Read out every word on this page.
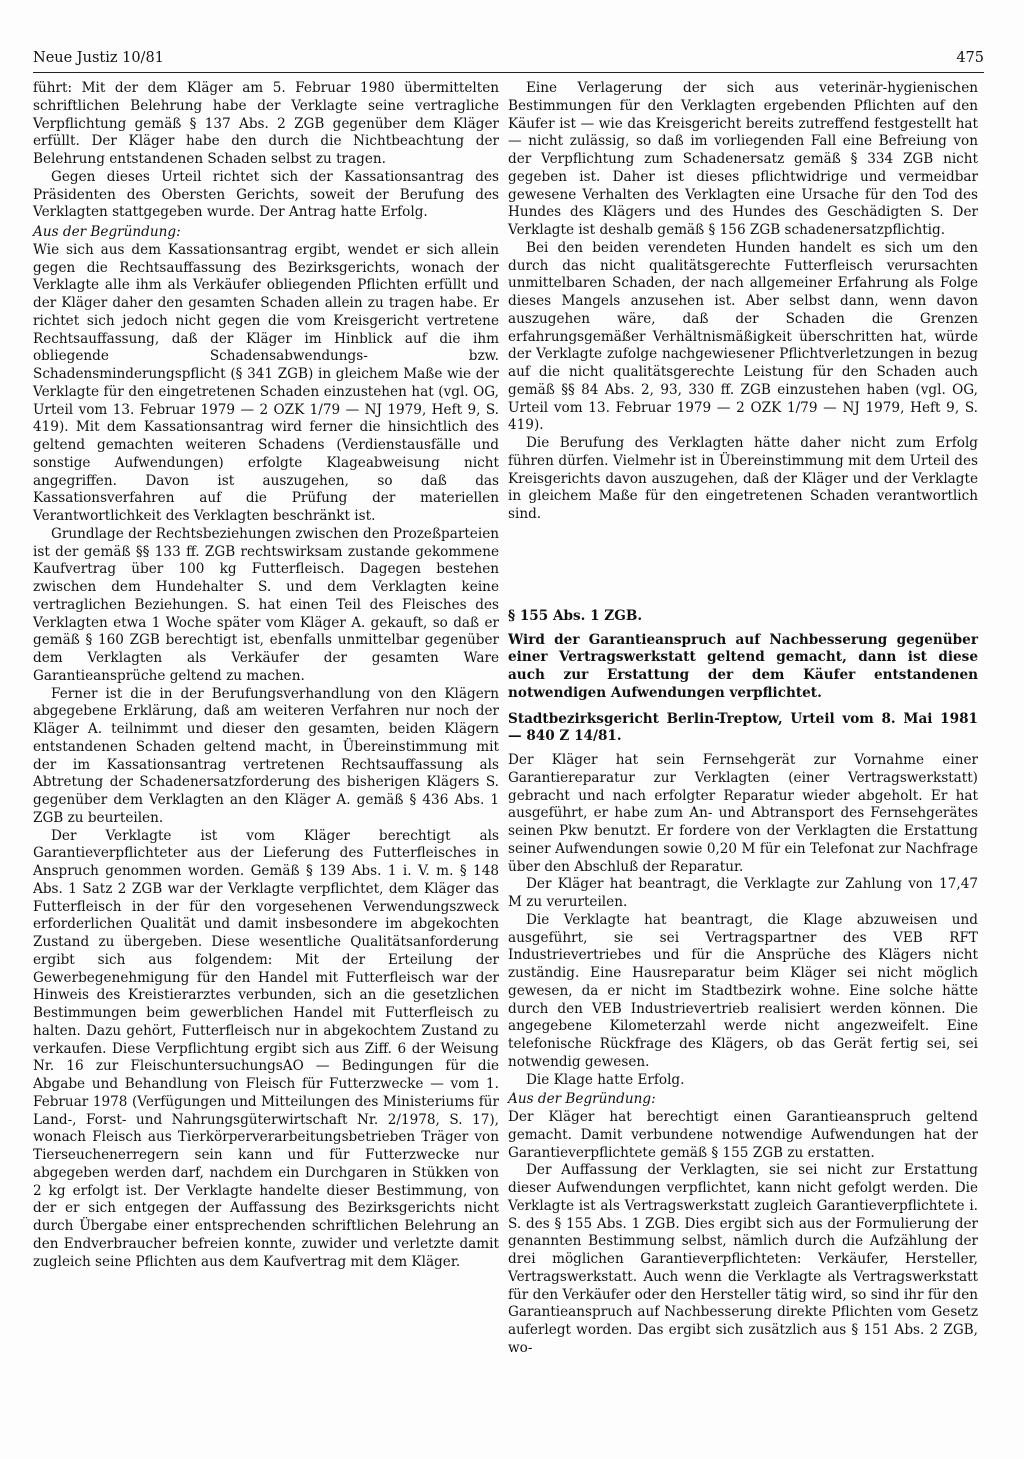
Neue Justiz 10/81	475

führt: Mit der dem Kläger am 5. Februar 1980 übermittelten schriftlichen Belehrung habe der Verklagte seine vertragliche Verpflichtung gemäß § 137 Abs. 2 ZGB gegenüber dem Kläger erfüllt. Der Kläger habe den durch die Nichtbeachtung der Belehrung entstandenen Schaden selbst zu tragen.

Gegen dieses Urteil richtet sich der Kassationsantrag des Präsidenten des Obersten Gerichts, soweit der Berufung des Verklagten stattgegeben wurde. Der Antrag hatte Erfolg.

Aus der Begründung:

Wie sich aus dem Kassationsantrag ergibt, wendet er sich allein gegen die Rechtsauffassung des Bezirksgerichts, wonach der Verklagte alle ihm als Verkäufer obliegenden Pflichten erfüllt und der Kläger daher den gesamten Schaden allein zu tragen habe. Er richtet sich jedoch nicht gegen die vom Kreisgericht vertretene Rechtsauffassung, daß der Kläger im Hinblick auf die ihm obliegende Schadensabwendungs- bzw. Schadensminderungspflicht (§ 341 ZGB) in gleichem Maße wie der Verklagte für den eingetretenen Schaden einzustehen hat (vgl. OG, Urteil vom 13. Februar 1979 — 2 OZK 1/79 — NJ 1979, Heft 9, S. 419). Mit dem Kassationsantrag wird ferner die hinsichtlich des geltend gemachten weiteren Schadens (Verdienstausfälle und sonstige Aufwendungen) erfolgte Klageabweisung nicht angegriffen. Davon ist auszugehen, so daß das Kassationsverfahren auf die Prüfung der materiellen Verantwortlichkeit des Verklagten beschränkt ist.

Grundlage der Rechtsbeziehungen zwischen den Prozeßparteien ist der gemäß §§ 133 ff. ZGB rechtswirksam zustande gekommene Kaufvertrag über 100 kg Futterfleisch. Dagegen bestehen zwischen dem Hundehalter S. und dem Verklagten keine vertraglichen Beziehungen. S. hat einen Teil des Fleisches des Verklagten etwa 1 Woche später vom Kläger A. gekauft, so daß er gemäß § 160 ZGB berechtigt ist, ebenfalls unmittelbar gegenüber dem Verklagten als Verkäufer der gesamten Ware Garantieansprüche geltend zu machen.

Ferner ist die in der Berufungsverhandlung von den Klägern abgegebene Erklärung, daß am weiteren Verfahren nur noch der Kläger A. teilnimmt und dieser den gesamten, beiden Klägern entstandenen Schaden geltend macht, in Übereinstimmung mit der im Kassationsantrag vertretenen Rechtsauffassung als Abtretung der Schadenersatzforderung des bisherigen Klägers S. gegenüber dem Verklagten an den Kläger A. gemäß § 436 Abs. 1 ZGB zu beurteilen.

Der Verklagte ist vom Kläger berechtigt als Garantieverpflichteter aus der Lieferung des Futterfleisches in Anspruch genommen worden. Gemäß § 139 Abs. 1 i. V. m. § 148 Abs. 1 Satz 2 ZGB war der Verklagte verpflichtet, dem Kläger das Futterfleisch in der für den vorgesehenen Verwendungszweck erforderlichen Qualität und damit insbesondere im abgekochten Zustand zu übergeben. Diese wesentliche Qualitätsanforderung ergibt sich aus folgendem: Mit der Erteilung der Gewerbegenehmigung für den Handel mit Futterfleisch war der Hinweis des Kreistierarztes verbunden, sich an die gesetzlichen Bestimmungen beim gewerblichen Handel mit Futterfleisch zu halten. Dazu gehört, Futterfleisch nur in abgekochtem Zustand zu verkaufen. Diese Verpflichtung ergibt sich aus Ziff. 6 der Weisung Nr. 16 zur FleischuntersuchungsAO — Bedingungen für die Abgabe und Behandlung von Fleisch für Futterzwecke — vom 1. Februar 1978 (Verfügungen und Mitteilungen des Ministeriums für Land-, Forst- und Nahrungsgüterwirtschaft Nr. 2/1978, S. 17), wonach Fleisch aus Tierkörperverarbeitungsbetrieben Träger von Tierseuchenerregern sein kann und für Futterzwecke nur abgegeben werden darf, nachdem ein Durchgaren in Stükken von 2 kg erfolgt ist. Der Verklagte handelte dieser Bestimmung, von der er sich entgegen der Auffassung des Bezirksgerichts nicht durch Übergabe einer entsprechenden schriftlichen Belehrung an den Endverbraucher befreien konnte, zuwider und verletzte damit zugleich seine Pflichten aus dem Kaufvertrag mit dem Kläger.

Eine Verlagerung der sich aus veterinär-hygienischen Bestimmungen für den Verklagten ergebenden Pflichten auf den Käufer ist — wie das Kreisgericht bereits zutreffend festgestellt hat — nicht zulässig, so daß im vorliegenden Fall eine Befreiung von der Verpflichtung zum Schadenersatz gemäß § 334 ZGB nicht gegeben ist. Daher ist dieses pflichtwidrige und vermeidbar gewesene Verhalten des Verklagten eine Ursache für den Tod des Hundes des Klägers und des Hundes des Geschädigten S. Der Verklagte ist deshalb gemäß § 156 ZGB schadenersatzpflichtig.

Bei den beiden verendeten Hunden handelt es sich um den durch das nicht qualitätsgerechte Futterfleisch verursachten unmittelbaren Schaden, der nach allgemeiner Erfahrung als Folge dieses Mangels anzusehen ist. Aber selbst dann, wenn davon auszugehen wäre, daß der Schaden die Grenzen erfahrungsgemäßer Verhältnismäßigkeit überschritten hat, würde der Verklagte zufolge nachgewiesener Pflichtverletzungen in bezug auf die nicht qualitätsgerechte Leistung für den Schaden auch gemäß §§ 84 Abs. 2, 93, 330 ff. ZGB einzustehen haben (vgl. OG, Urteil vom 13. Februar 1979 — 2 OZK 1/79 — NJ 1979, Heft 9, S. 419).

Die Berufung des Verklagten hätte daher nicht zum Erfolg führen dürfen. Vielmehr ist in Übereinstimmung mit dem Urteil des Kreisgerichts davon auszugehen, daß der Kläger und der Verklagte in gleichem Maße für den eingetretenen Schaden verantwortlich sind.

§ 155 Abs. 1 ZGB.

Wird der Garantieanspruch auf Nachbesserung gegenüber einer Vertragswerkstatt geltend gemacht, dann ist diese auch zur Erstattung der dem Käufer entstandenen notwendigen Aufwendungen verpflichtet.

Stadtbezirksgericht Berlin-Treptow, Urteil vom 8. Mai 1981 — 840 Z 14/81.

Der Kläger hat sein Fernsehgerät zur Vornahme einer Garantiereparatur zur Verklagten (einer Vertragswerkstatt) gebracht und nach erfolgter Reparatur wieder abgeholt. Er hat ausgeführt, er habe zum An- und Abtransport des Fernsehgerätes seinen Pkw benutzt. Er fordere von der Verklagten die Erstattung seiner Aufwendungen sowie 0,20 M für ein Telefonat zur Nachfrage über den Abschluß der Reparatur.

Der Kläger hat beantragt, die Verklagte zur Zahlung von 17,47 M zu verurteilen.

Die Verklagte hat beantragt, die Klage abzuweisen und ausgeführt, sie sei Vertragspartner des VEB RFT Industrievertriebes und für die Ansprüche des Klägers nicht zuständig. Eine Hausreparatur beim Kläger sei nicht möglich gewesen, da er nicht im Stadtbezirk wohne. Eine solche hätte durch den VEB Industrievertrieb realisiert werden können. Die angegebene Kilometerzahl werde nicht angezweifelt. Eine telefonische Rückfrage des Klägers, ob das Gerät fertig sei, sei notwendig gewesen.

Die Klage hatte Erfolg.

Aus der Begründung:

Der Kläger hat berechtigt einen Garantieanspruch geltend gemacht. Damit verbundene notwendige Aufwendungen hat der Garantieverpflichtete gemäß § 155 ZGB zu erstatten.

Der Auffassung der Verklagten, sie sei nicht zur Erstattung dieser Aufwendungen verpflichtet, kann nicht gefolgt werden. Die Verklagte ist als Vertragswerkstatt zugleich Garantieverpflichtete i. S. des § 155 Abs. 1 ZGB. Dies ergibt sich aus der Formulierung der genannten Bestimmung selbst, nämlich durch die Aufzählung der drei möglichen Garantieverpflichteten: Verkäufer, Hersteller, Vertragswerkstatt. Auch wenn die Verklagte als Vertragswerkstatt für den Verkäufer oder den Hersteller tätig wird, so sind ihr für den Garantieanspruch auf Nachbesserung direkte Pflichten vom Gesetz auferlegt worden. Das ergibt sich zusätzlich aus § 151 Abs. 2 ZGB, wo-
